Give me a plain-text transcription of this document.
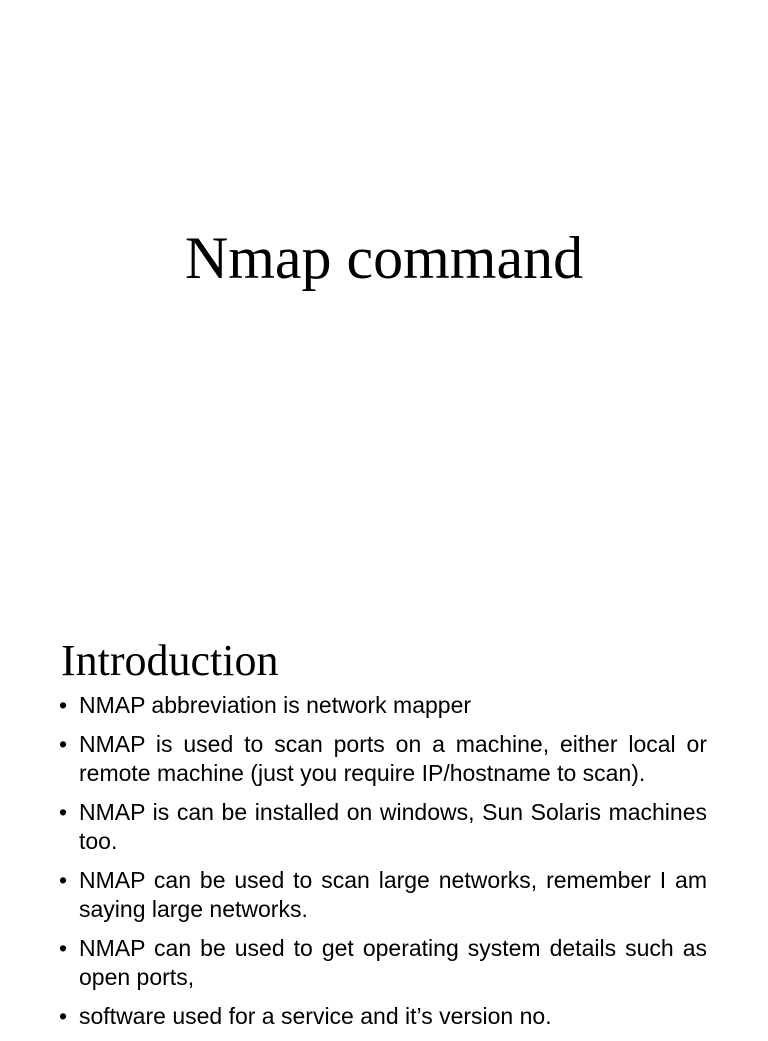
Nmap command
Introduction
• NMAP abbreviation is network mapper
• NMAP is used to scan ports on a machine, either local or remote machine (just you require IP/hostname to scan).
• NMAP is can be installed on windows, Sun Solaris machines too.
• NMAP can be used to scan large networks, remember I am saying large networks.
• NMAP can be used to get operating system details such as open ports,
• software used for a service and it’s version no.
